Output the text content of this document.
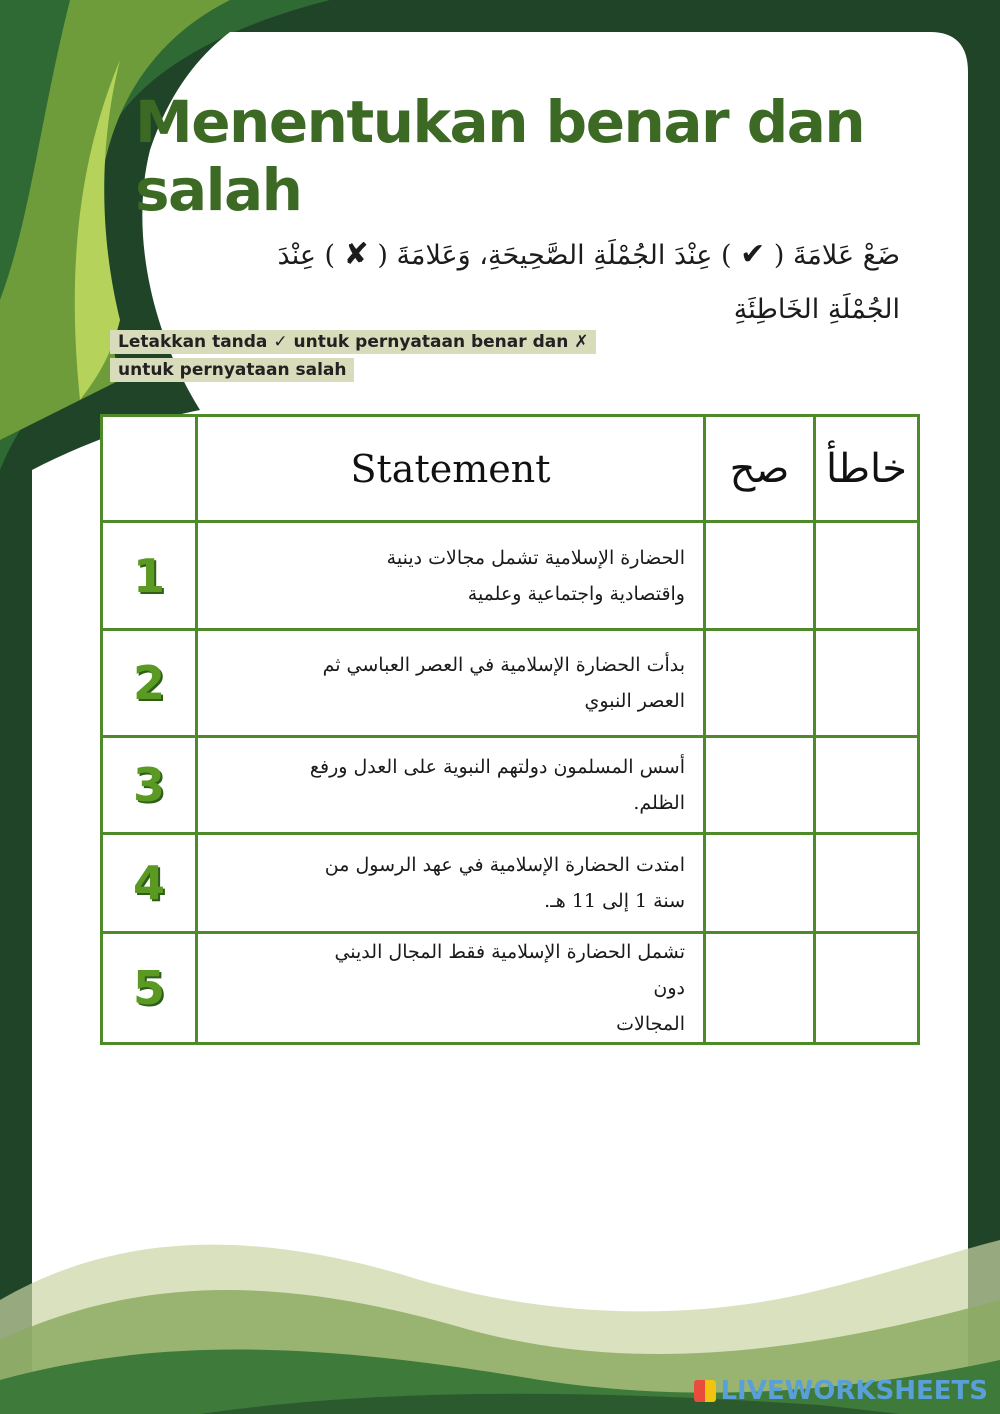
Menentukan benar dan salah
ضَعْ عَلامَةَ ( ✔ ) عِنْدَ الجُمْلَةِ الصَّحِيحَةِ، وَعَلامَةَ ( ✘ ) عِنْدَ الجُمْلَةِ الخَاطِئَةِ
Letakkan tanda ✓ untuk pernyataan benar dan ✗
untuk pernyataan salah
	Statement	صح	خاطأ
1	الحضارة الإسلامية تشمل مجالات دينية
واقتصادية واجتماعية وعلمية		

2	بدأت الحضارة الإسلامية في العصر العباسي ثم
العصر النبوي		

3	أسس المسلمون دولتهم النبوية على العدل ورفع
الظلم.		

4	امتدت الحضارة الإسلامية في عهد الرسول من
سنة 1 إلى 11 هـ.		

5	تشمل الحضارة الإسلامية فقط المجال الديني دون
المجالات		

LIVEWORKSHEETS
